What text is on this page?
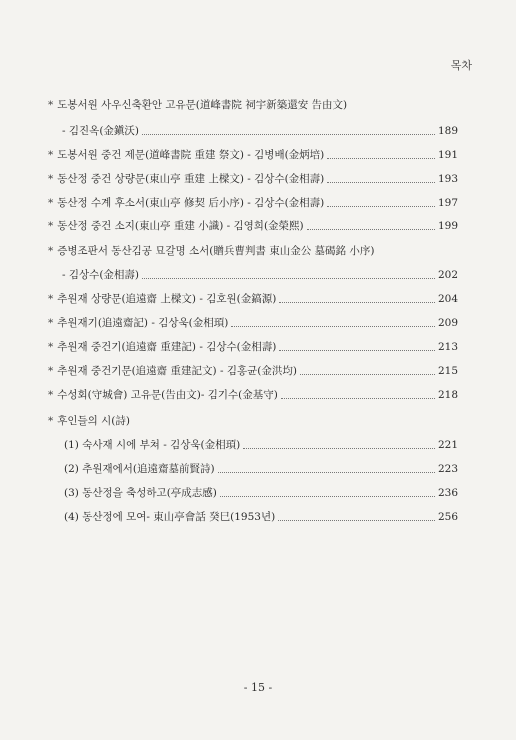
목차
* 도봉서원 사우신축환안 고유문(道峰書院 祠宇新築還安 告由文)
- 김진옥(金鎭沃)	189
* 도봉서원 중건 제문(道峰書院 重建 祭文) - 김병배(金炳培)	191
* 동산정 중건 상량문(東山亭 重建 上樑文) - 김상수(金相壽)	193
* 동산정 수계 후소서(東山亭 修契 后小序) - 김상수(金相壽)	197
* 동산정 중건 소지(東山亭 重建 小識) - 김영희(金榮熙)	199
* 증병조판서 동산김공 묘갈명 소서(贈兵曹判書 東山金公 墓碣銘 小序)
- 김상수(金相壽)	202
* 추원재 상량문(追遠齋 上樑文) - 김호원(金鎬源)	204
* 추원재기(追遠齋記) - 김상욱(金相頊)	209
* 추원재 중건기(追遠齋 重建記) - 김상수(金相壽)	213
* 추원재 중건기문(追遠齋 重建記文) - 김홍균(金洪均)	215
* 수성회(守城會) 고유문(告由文)- 김기수(金基守)	218
* 후인들의 시(詩)
(1) 숙사재 시에 부쳐 - 김상욱(金相頊)	221
(2) 추원재에서(追遠齋墓前賢詩)	223
(3) 동산정을 축성하고(亭成志感)	236
(4) 동산정에 모여- 東山亭會話 癸巳(1953년)	256
- 15 -
